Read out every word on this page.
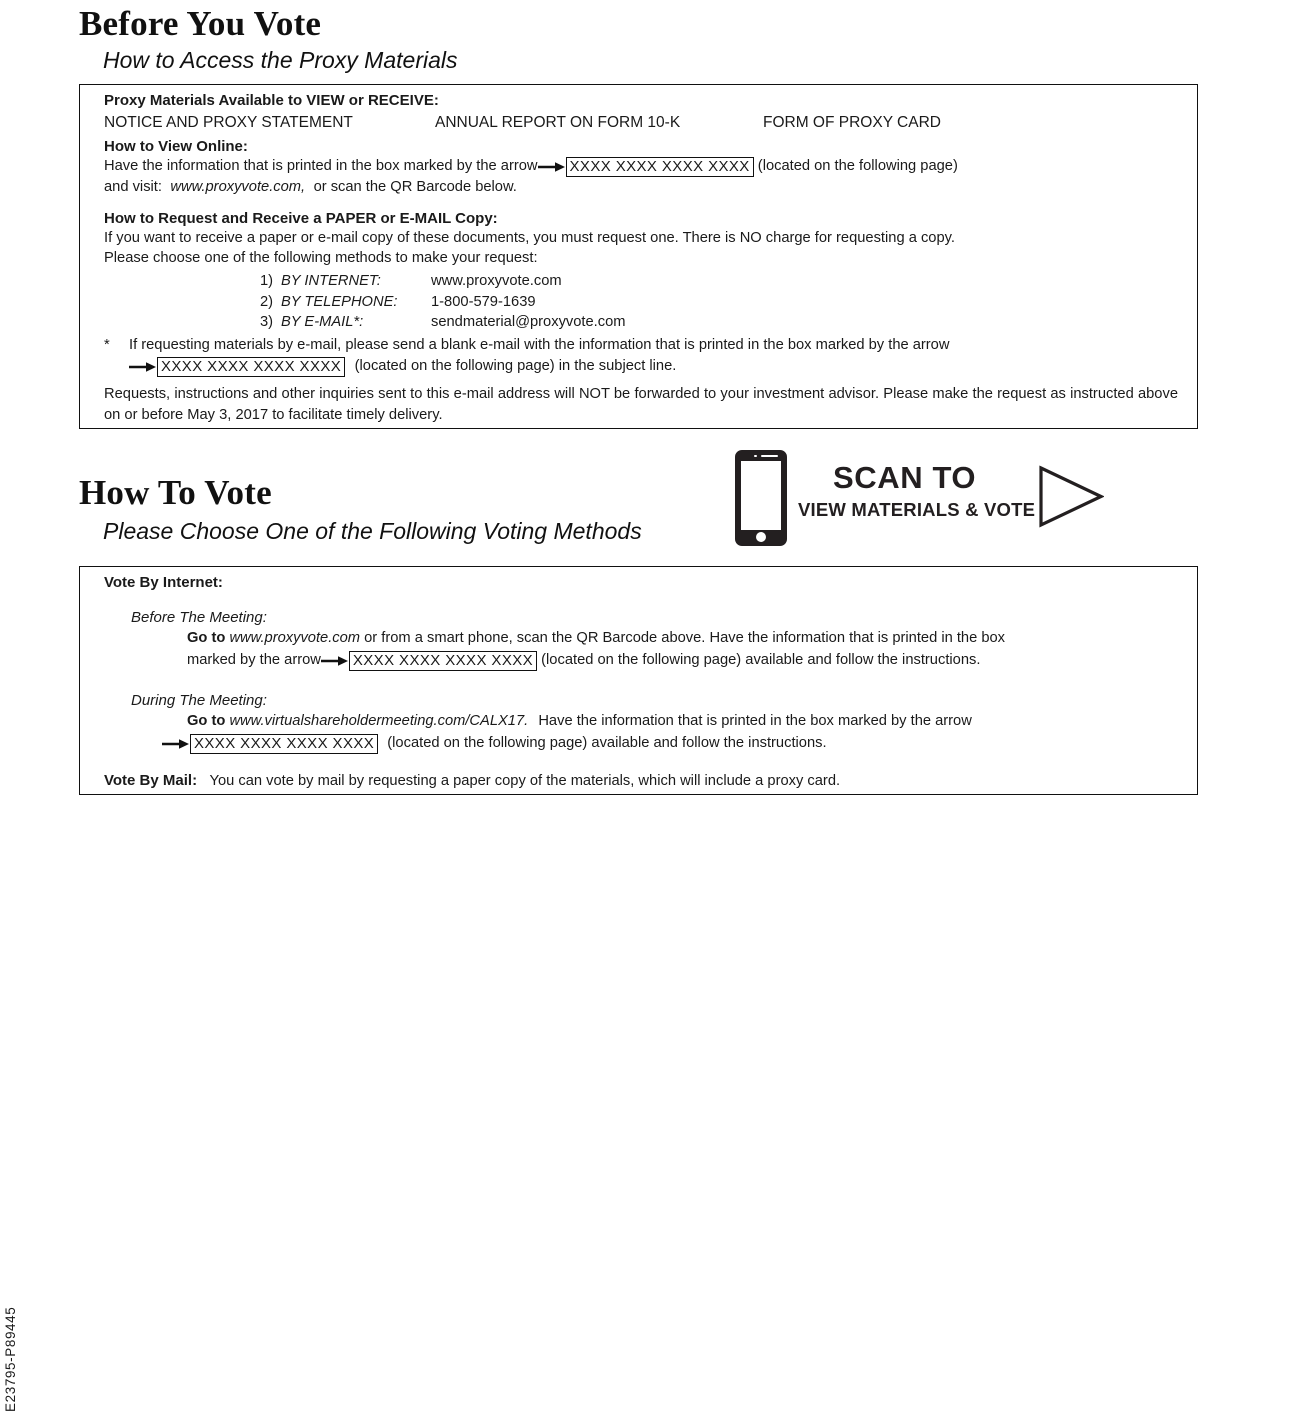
E23795-P89445
Before You Vote
How to Access the Proxy Materials
Proxy Materials Available to VIEW or RECEIVE:
NOTICE AND PROXY STATEMENT	ANNUAL REPORT ON FORM 10-K	FORM OF PROXY CARD
How to View Online:
Have the information that is printed in the box marked by the arrow XXXX XXXX XXXX XXXX (located on the following page)
and visit: www.proxyvote.com, or scan the QR Barcode below.
How to Request and Receive a PAPER or E-MAIL Copy:
If you want to receive a paper or e-mail copy of these documents, you must request one. There is NO charge for requesting a copy.
Please choose one of the following methods to make your request:
1) BY INTERNET:	www.proxyvote.com
2) BY TELEPHONE:	1-800-579-1639
3) BY E-MAIL*:	sendmaterial@proxyvote.com
* If requesting materials by e-mail, please send a blank e-mail with the information that is printed in the box marked by the arrow
XXXX XXXX XXXX XXXX (located on the following page) in the subject line.
Requests, instructions and other inquiries sent to this e-mail address will NOT be forwarded to your investment advisor. Please make the request as instructed above on or before May 3, 2017 to facilitate timely delivery.
How To Vote
Please Choose One of the Following Voting Methods
SCAN TO
VIEW MATERIALS & VOTE
Vote By Internet:
Before The Meeting:
Go to www.proxyvote.com or from a smart phone, scan the QR Barcode above. Have the information that is printed in the box
marked by the arrow XXXX XXXX XXXX XXXX (located on the following page) available and follow the instructions.
During The Meeting:
Go to www.virtualshareholdermeeting.com/CALX17. Have the information that is printed in the box marked by the arrow
XXXX XXXX XXXX XXXX (located on the following page) available and follow the instructions.
Vote By Mail: You can vote by mail by requesting a paper copy of the materials, which will include a proxy card.
